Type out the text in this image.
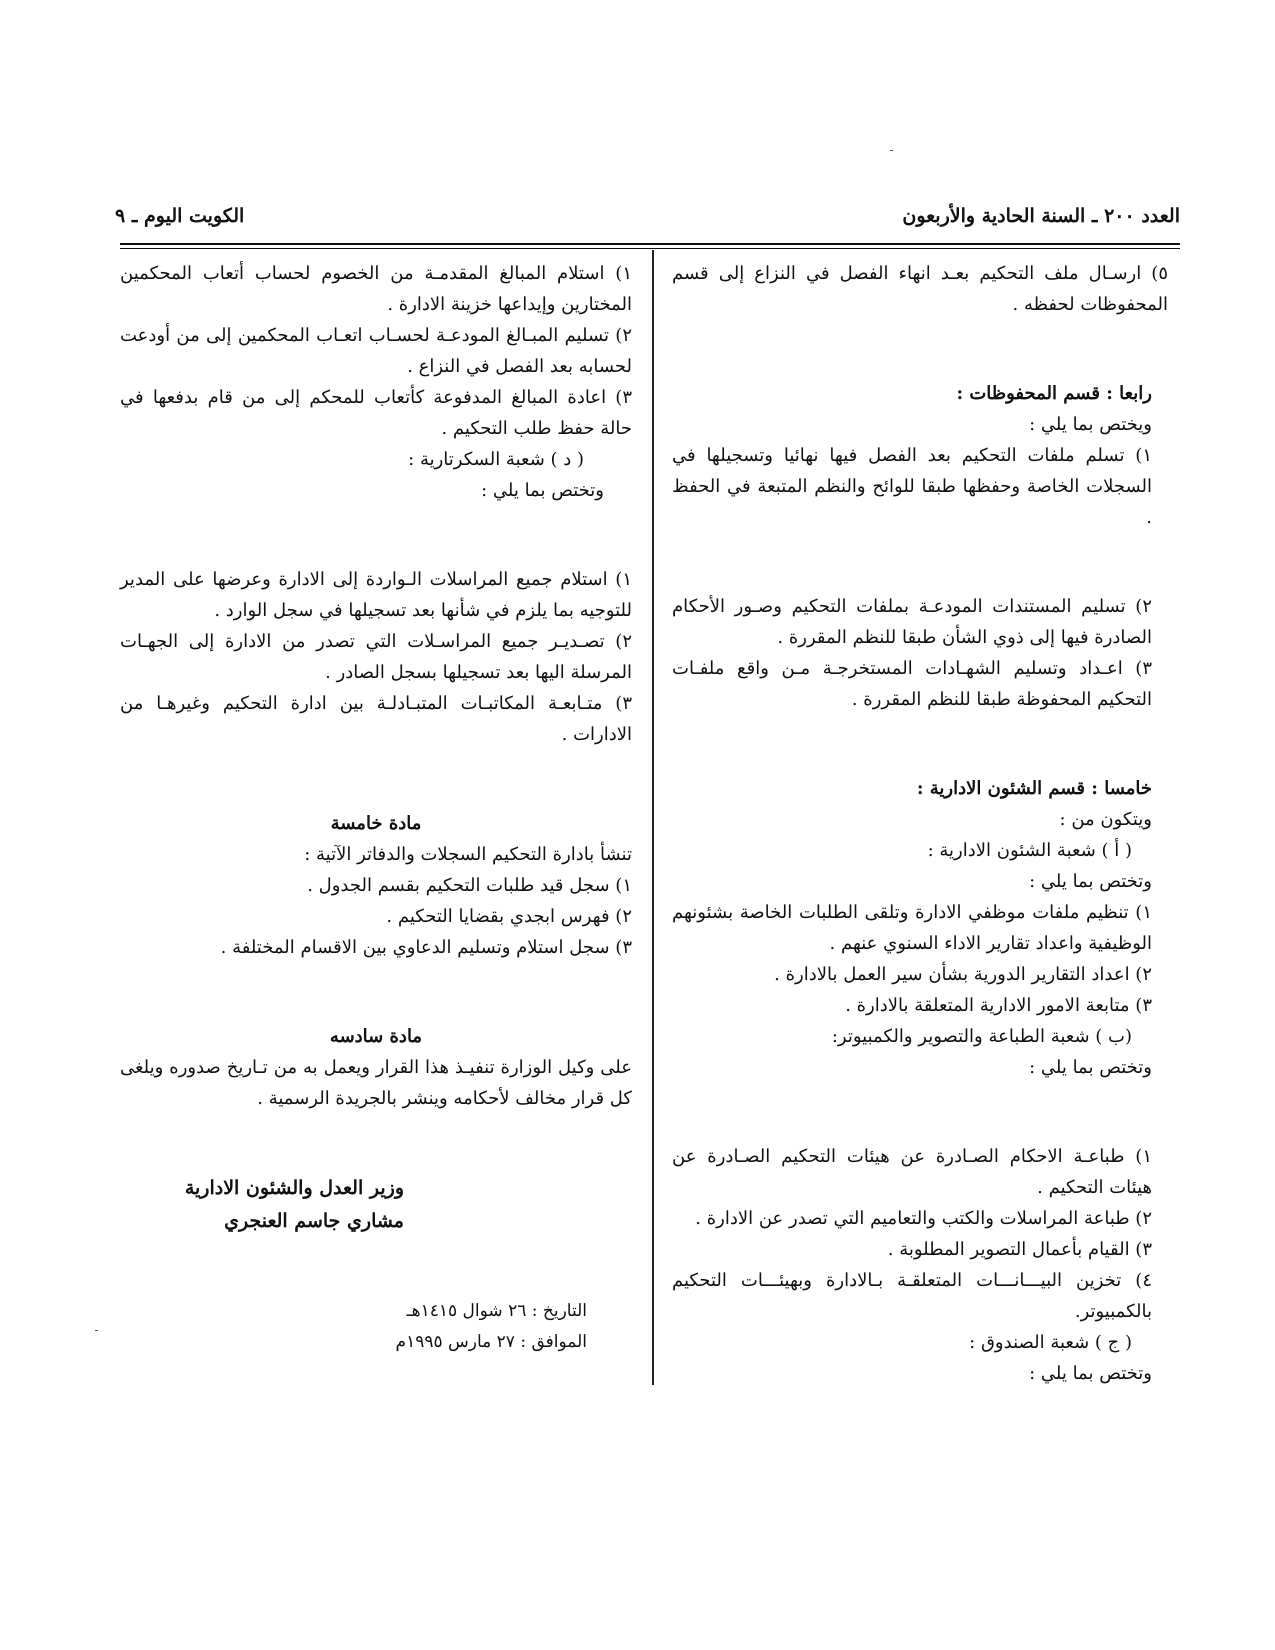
العدد ٢٠٠ ـ السنة الحادية والأربعون
الكويت اليوم ـ ٩

٥) ارسـال ملف التحكيم بعـد انهاء الفصل في النزاع إلى قسم المحفوظات لحفظه .

رابعا : قسم المحفوظات :

ويختص بما يلي :

١) تسلم ملفات التحكيم بعد الفصل فيها نهائيا وتسجيلها في السجلات الخاصة وحفظها طبقا للوائح والنظم المتبعة في الحفظ .

٢) تسليم المستندات المودعـة بملفات التحكيم وصـور الأحكام الصادرة فيها إلى ذوي الشأن طبقا للنظم المقررة .

٣) اعـداد وتسليم الشهـادات المستخرجـة مـن واقع ملفـات التحكيم المحفوظة طبقا للنظم المقررة .

خامسا : قسم الشئون الادارية :

ويتكون من :

( أ ) شعبة الشئون الادارية :

وتختص بما يلي :

١) تنظيم ملفات موظفي الادارة وتلقى الطلبات الخاصة بشئونهم الوظيفية واعداد تقارير الاداء السنوي عنهم .

٢) اعداد التقارير الدورية بشأن سير العمل بالادارة .

٣) متابعة الامور الادارية المتعلقة بالادارة .

(ب ) شعبة الطباعة والتصوير والكمبيوتر:

وتختص بما يلي :

١) طباعـة الاحكام الصـادرة عن هيئات التحكيم الصـادرة عن هيئات التحكيم .

٢) طباعة المراسلات والكتب والتعاميم التي تصدر عن الادارة .

٣) القيام بأعمال التصوير المطلوبة .

٤) تخزين البيـــانـــات المتعلقـة بـالادارة وبهيئـــات التحكيم بالكمبيوتر.

( ج ) شعبة الصندوق :

وتختص بما يلي :

١) استلام المبالغ المقدمـة من الخصوم لحساب أتعاب المحكمين المختارين وإيداعها خزينة الادارة .

٢) تسليم المبـالغ المودعـة لحسـاب اتعـاب المحكمين إلى من أودعت لحسابه بعد الفصل في النزاع .

٣) اعادة المبالغ المدفوعة كأتعاب للمحكم إلى من قام بدفعها في حالة حفظ طلب التحكيم .

( د ) شعبة السكرتارية :

وتختص بما يلي :

١) استلام جميع المراسلات الـواردة إلى الادارة وعرضها على المدير للتوجيه بما يلزم في شأنها بعد تسجيلها في سجل الوارد .

٢) تصـديـر جميع المراسـلات التي تصدر من الادارة إلى الجهـات المرسلة اليها بعد تسجيلها بسجل الصادر .

٣) متـابعـة المكاتبـات المتبـادلـة بين ادارة التحكيم وغيرهـا من الادارات .

مادة خامسة

تنشأ بادارة التحكيم السجلات والدفاتر الآتية :

١) سجل قيد طلبات التحكيم بقسم الجدول .

٢) فهرس ابجدي بقضايا التحكيم .

٣) سجل استلام وتسليم الدعاوي بين الاقسام المختلفة .

مادة سادسه

على وكيل الوزارة تنفيـذ هذا القرار ويعمل به من تـاريخ صدوره ويلغى كل قرار مخالف لأحكامه وينشر بالجريدة الرسمية .

وزير العدل والشئون الادارية

مشاري جاسم العنجري

التاريخ : ٢٦ شوال ١٤١٥هـ

الموافق : ٢٧ مارس ١٩٩٥م
